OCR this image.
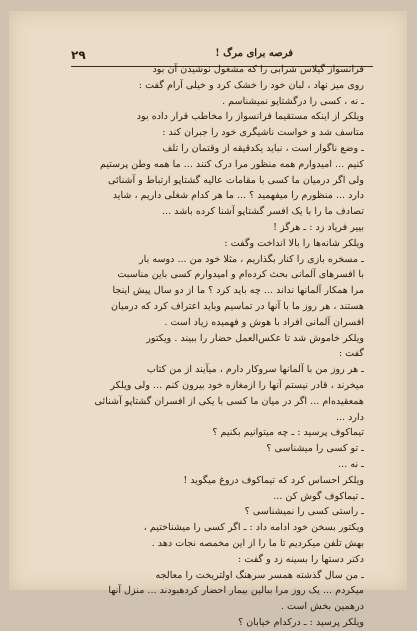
۲۹	فرصه برای مرگ !
فرانسواز گیلاس شرابی را که مشغول نوشیدن آن بود
روی میز نهاد ، لبان خود را خشک کرد و خیلی آرام گفت :
ـ نه ، کسی را درگشتاپو نمیشناسم .
ویلکر از اینکه مستقیما فرانسواز را مخاطب قرار داده بود
متاسف شد و خواست ناشیگری خود را جبران کند :
ـ وضع ناگوار است ، نباید یکدقیقه از وقتمان را تلف
کنیم ... امیدوارم همه منظور مرا درک کنند ... ما همه وطن پرستیم
ولی اگر درمیان ما کسی با مقامات عالیه گشتاپو ارتباط و آشنائی
دارد ... منظورم را میفهمید ؟ ... ما هر کدام شغلی داریم ، شاید
تصادف ما را با یک افسر گشتاپو آشنا کرده باشد ...
بییر فریاد زد : ـ هرگز !
ویلکر شانه‌ها را بالا انداخت وگفت :
ـ مسخره بازی را کنار بگذاریم ، مثلا خود من ... دوسه بار
با افسرهای آلمانی بحث کرده‌ام و امیدوارم کسی باین مناسبت
مرا همکار آلمانها نداند ... چه باید کرد ؟ ما از دو سال پیش اینجا
هستند ، هر روز ما با آنها در تماسیم وباید اعتراف کرد که درمیان
افسران آلمانی افراد با هوش و فهمیده زیاد است .
ویلکر خاموش شد تا عکس‌العمل حضار را ببیند . ویکتور
گفت :
ـ هر روز من با آلمانها سروکار دارم ، میآیند از من کتاب
میخرند ، قادر نیستم آنها را ازمغازه خود بیرون کنم ... ولی ویلکر
همعقیده‌ام ... اگر در میان ما کسی با یکی از افسران گشتاپو آشنائی
دارد ...
تیماکوف پرسید : ـ چه میتوانیم بکنیم ؟
ـ تو کسی را میشناسی ؟
ـ نه ...
ویلکر احساس کرد که تیماکوف دروغ میگوید !
ـ تیماکوف گوش کن ...
ـ راستی کسی را نمیشناسی ؟
ویکتور بسخن خود ادامه داد : ـ اگر کسی را میشناختیم ،
بهش تلفن میکردیم تا ما را از این مخمصه نجات دهد .
دکتر دستها را بسینه زد و گفت :
ـ من سال گذشته همسر سرهنگ اولتریخت را معالجه
میکردم ... یک روز مرا ببالین بیمار احضار کردهبودند ... منزل آنها
درهمین بخش است .
ویلکر پرسید : ـ درکدام خیابان ؟
